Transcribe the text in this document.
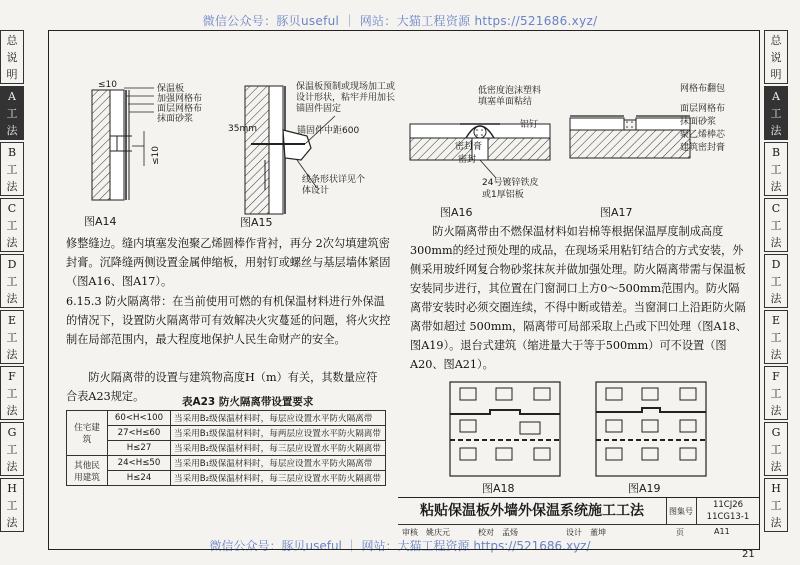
微信公众号：豚贝useful ｜ 网站：大猫工程资源 https://521686.xyz/
微信公众号：豚贝useful ｜ 网站：大猫工程资源 https://521686.xyz/
总说明
A工法
B工法
C工法
D工法
E工法
F工法
G工法
H工法
总说明
A工法
B工法
C工法
D工法
E工法
F工法
G工法
H工法
≤10	保温板
加强网格布
面层网格布
抹面砂浆
≤10
图A14
保温板预制或现场加工或设计形状，粘牢并用加长锚固件固定
锚固件中距600
35mm
线条形状详见个体设计
图A15
低密度泡沫塑料
填塞单面粘结
铝钉
密封膏
密封
24号镀锌铁皮
或1厚铝板
图A16
网格布翻包
面层网格布
抹面砂浆
聚乙烯棒芯
建筑密封膏
图A17
修整缝边。缝内填塞发泡聚乙烯圆棒作背衬，再分 2次勾填建筑密封膏。沉降缝两侧设置金属伸缩板，用射钉或螺丝与基层墙体紧固（图A16、图A17）。
6.15.3 防火隔离带：在当前使用可燃的有机保温材料进行外保温的情况下，设置防火隔离带可有效解决火灾蔓延的问题，将火灾控制在局部范围内，最大程度地保护人民生命财产的安全。
防火隔离带的设置与建筑物高度H（m）有关，其数量应符合表A23规定。	表A23 防火隔离带设置要求
住宅建筑	60<H<100	当采用B₂级保温材料时，每层应设置水平防火隔离带
	27<H≤60	当采用B₁级保温材料时，每两层应设置水平防火隔离带
	H≤27	当采用B₂级保温材料时，每三层应设置水平防火隔离带
其他民用建筑	24<H≤50	当采用B₁级保温材料时，每层应设置水平防火隔离带
	H≤24	当采用B₂级保温材料时，每三层应设置水平防火隔离带
防火隔离带由不燃保温材料如岩棉等根据保温厚度制成高度 300mm的经过预处理的成品，在现场采用粘钉结合的方式安装，外侧采用玻纤网复合物砂浆抹灰并做加强处理。防火隔离带需与保温板安装同步进行，其位置在门窗洞口上方0～500mm范围内。防火隔离带安装时必须交圈连续，不得中断或错差。当窗洞口上沿距防火隔离带如超过 500mm，隔离带可局部采取上凸或下凹处理（图A18、图A19）。退台式建筑（缩进量大于等于500mm）可不设置（图A20、图A21）。
图A18	图A19
粘贴保温板外墙外保温系统施工工法	图集号
11CJ26
11CG13-1
审核 姚庆元	校对 孟炀	设计 董坤	页	A11
21
